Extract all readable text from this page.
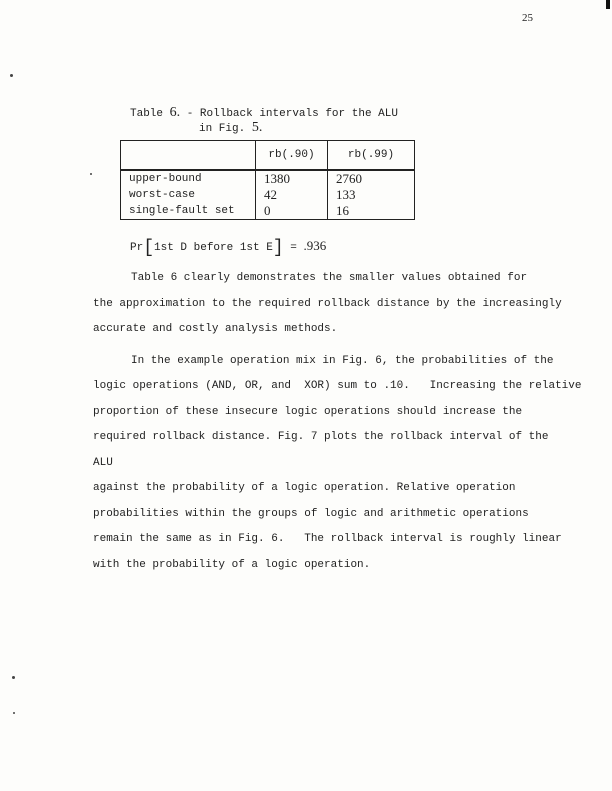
25
Table 6. - Rollback intervals for the ALU
in Fig. 5.
	rb(.90)	rb(.99)
upper-bound	1380	2760
worst-case	42	133
single-fault set	0	16
Pr[1st D before 1st E] = .936

Table 6 clearly demonstrates the smaller values obtained for
the approximation to the required rollback distance by the increasingly
accurate and costly analysis methods.

In the example operation mix in Fig. 6, the probabilities of the
logic operations (AND, OR, and  XOR) sum to .10.   Increasing the relative
proportion of these insecure logic operations should increase the
required rollback distance. Fig. 7 plots the rollback interval of the ALU
against the probability of a logic operation. Relative operation
probabilities within the groups of logic and arithmetic operations
remain the same as in Fig. 6.   The rollback interval is roughly linear
with the probability of a logic operation.
